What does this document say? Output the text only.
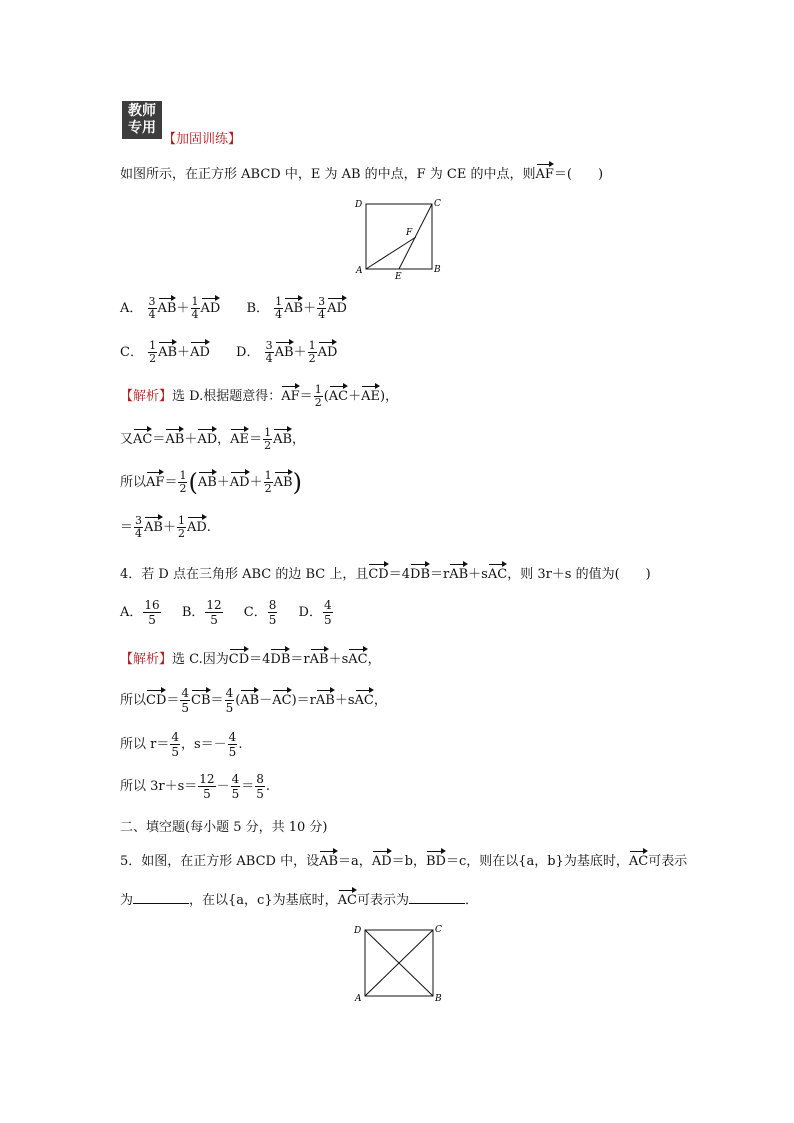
教师
专用
【加固训练】
如图所示，在正方形 ABCD 中，E 为 AB 的中点，F 为 CE 的中点，则AF＝(　　)
D	C
F
A
E
B
A． $\frac{3}{4} AB+ \frac{1}{4}$ AD B． $\frac{1}{4} AB+ \frac{3}{4}$ AD
C． $\frac{1}{2} AB+AD$ D． $\frac{3}{4} AB+ \frac{1}{2}$ AD
【解析】选 D.根据题意得：$AF= \frac{1}{2} (AC+AE)$，
又AC＝AB＋AD，$AE= \frac{1}{2}$ AB，
所以$AF= \frac{1}{2} (AB+AD+ \frac{1}{2} AB)$
＝ $\frac{3}{4} AB+ \frac{1}{2}$ AD.
4．若 D 点在三角形 ABC 的边 BC 上，且CD＝4DB＝rAB＋sAC，则 3r＋s 的值为(　　)
A． $\frac{16}{5}$ B． $\frac{12}{5}$ C． $\frac{8}{5}$ D． $\frac{4}{5}$
【解析】选 C.因为CD＝4DB＝rAB＋sAC，
所以$CD= \frac{4}{5} CB= \frac{4}{5} (AB-AC)=rAB+sAC$，
所以 $r= \frac{4}{5}$ ，$s=- \frac{4}{5}$ .
所以 $3r+s= \frac{12}{5} - \frac{4}{5} = \frac{8}{5}$ .
二、填空题(每小题 5 分，共 10 分)
5．如图，在正方形 ABCD 中，设AB＝a，AD＝b，BD＝c，则在以{a，b}为基底时，AC可表示
为	，在以{a，c}为基底时，AC可表示为	．
D	C
A	B
